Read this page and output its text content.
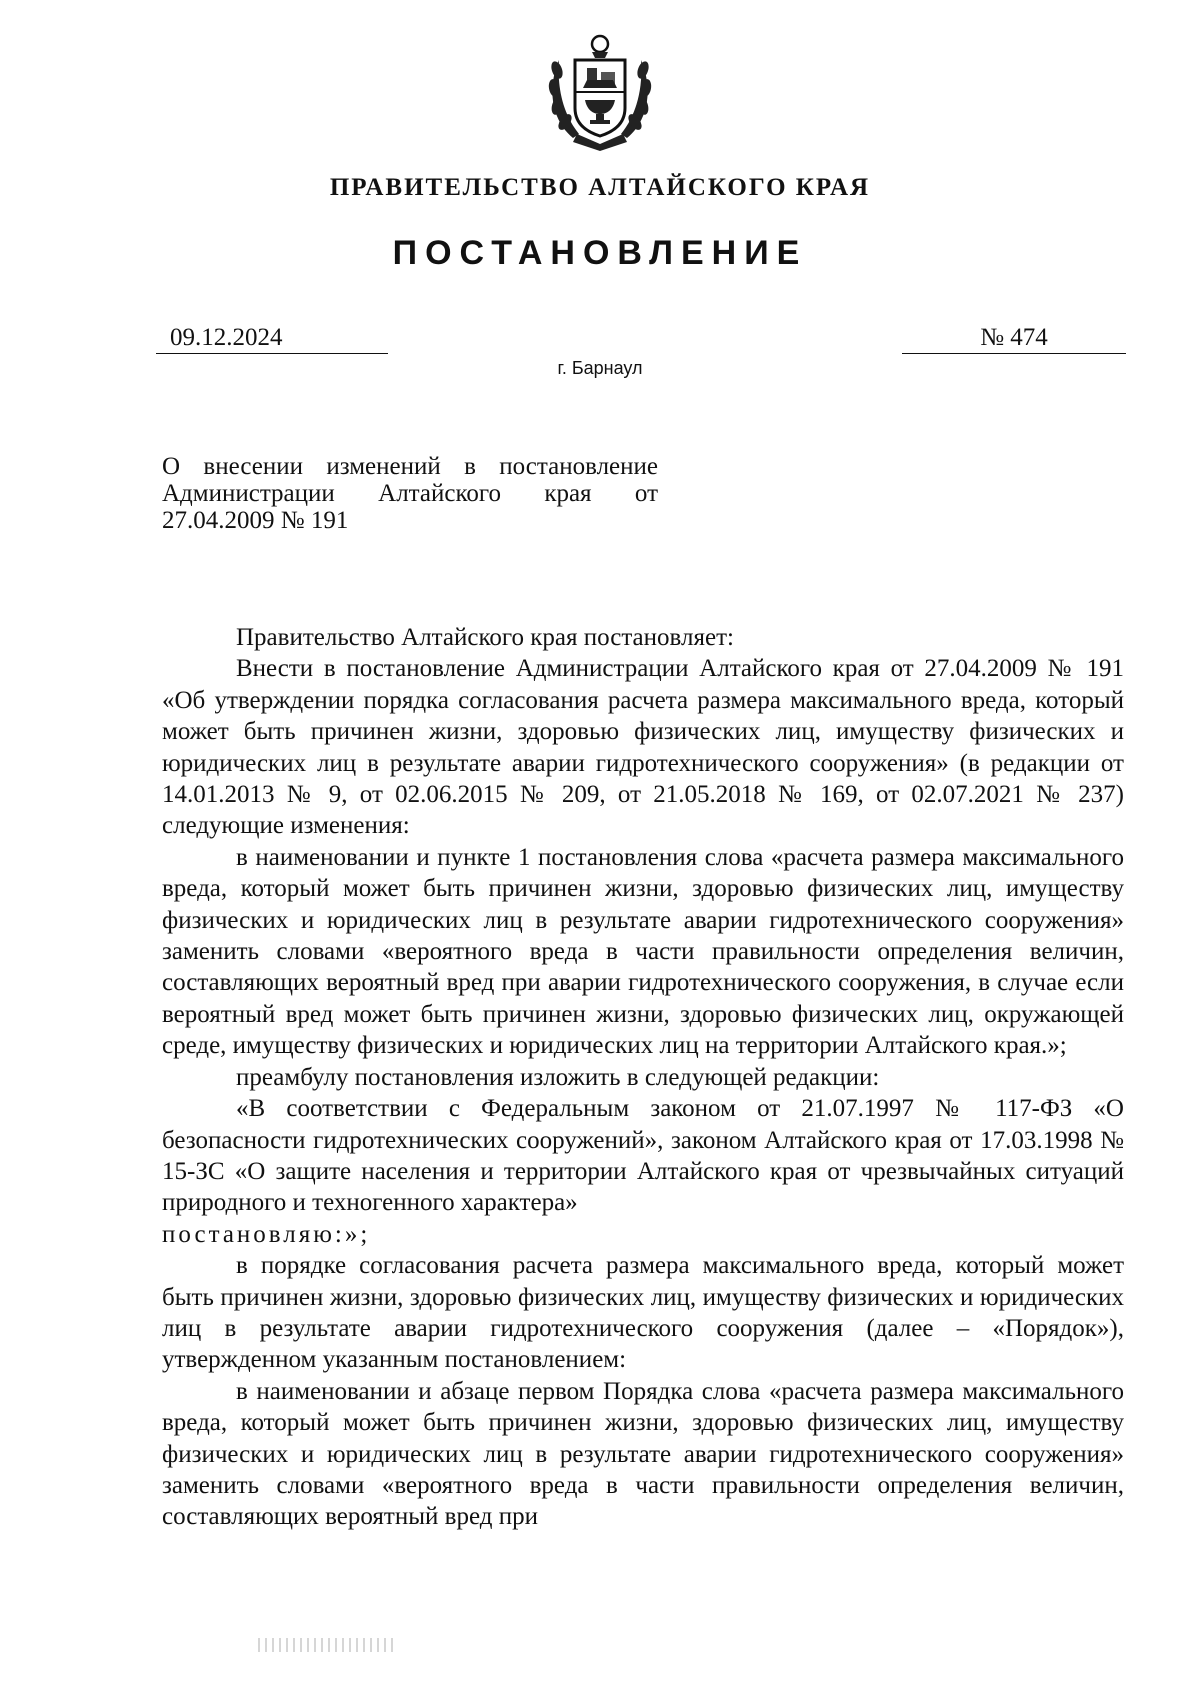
ПРАВИТЕЛЬСТВО АЛТАЙСКОГО КРАЯ
ПОСТАНОВЛЕНИЕ
09.12.2024	№ 474
г. Барнаул
О внесении изменений в постановление
Администрации Алтайского края от
27.04.2009 № 191

Правительство Алтайского края постановляет:

Внести в постановление Администрации Алтайского края от 27.04.2009 № 191 «Об утверждении порядка согласования расчета размера максимального вреда, который может быть причинен жизни, здоровью физических лиц, имуществу физических и юридических лиц в результате аварии гидротехнического сооружения» (в редакции от 14.01.2013 № 9, от 02.06.2015 № 209, от 21.05.2018 № 169, от 02.07.2021 № 237) следующие изменения:

в наименовании и пункте 1 постановления слова «расчета размера максимального вреда, который может быть причинен жизни, здоровью физических лиц, имуществу физических и юридических лиц в результате аварии гидротехнического сооружения» заменить словами «вероятного вреда в части правильности определения величин, составляющих вероятный вред при аварии гидротехнического сооружения, в случае если вероятный вред может быть причинен жизни, здоровью физических лиц, окружающей среде, имуществу физических и юридических лиц на территории Алтайского края.»;

преамбулу постановления изложить в следующей редакции:

«В соответствии с Федеральным законом от 21.07.1997 № 117-ФЗ «О безопасности гидротехнических сооружений», законом Алтайского края от 17.03.1998 № 15-ЗС «О защите населения и территории Алтайского края от чрезвычайных ситуаций природного и техногенного характера»
постановляю:»;

в порядке согласования расчета размера максимального вреда, который может быть причинен жизни, здоровью физических лиц, имуществу физических и юридических лиц в результате аварии гидротехнического сооружения (далее – «Порядок»), утвержденном указанным постановлением:

в наименовании и абзаце первом Порядка слова «расчета размера максимального вреда, который может быть причинен жизни, здоровью физических лиц, имуществу физических и юридических лиц в результате аварии гидротехнического сооружения» заменить словами «вероятного вреда в части правильности определения величин, составляющих вероятный вред при
